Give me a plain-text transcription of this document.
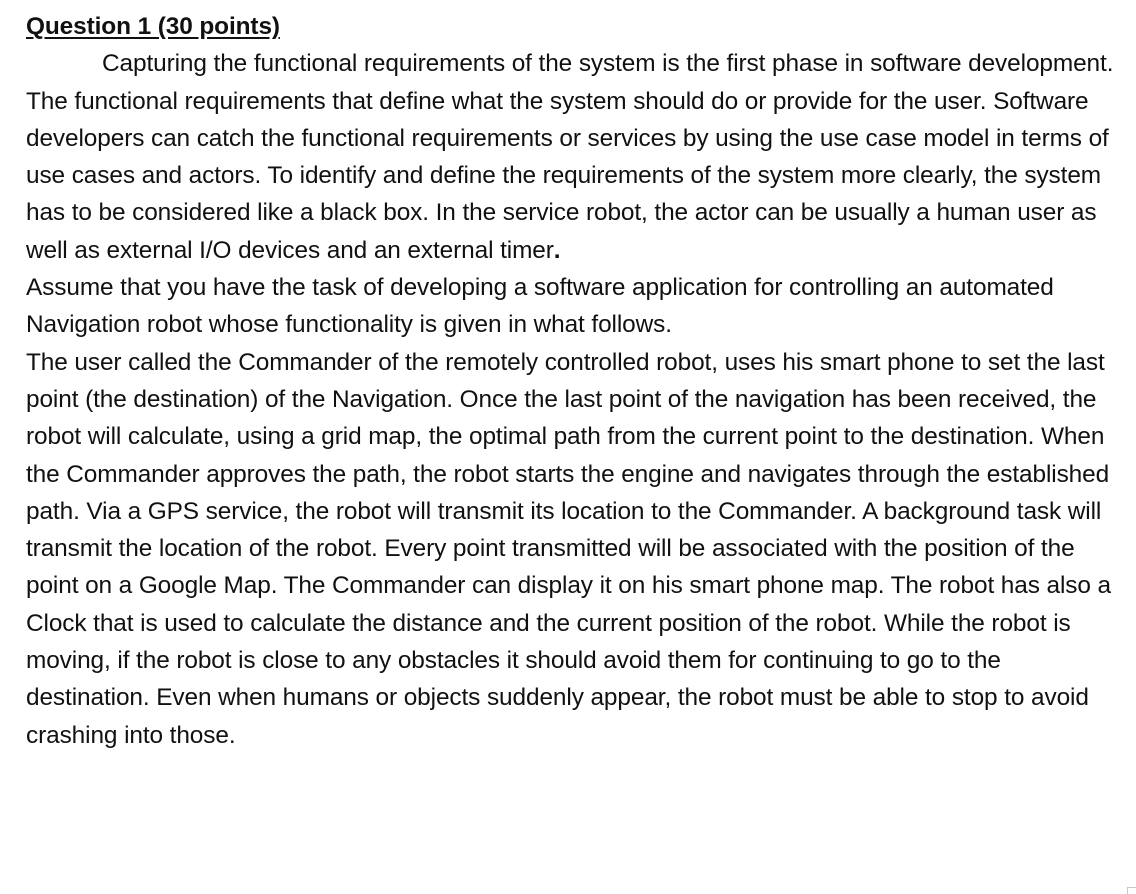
Question 1 (30 points)

Capturing the functional requirements of the system is the first phase in software development. The functional requirements that define what the system should do or provide for the user. Software developers can catch the functional requirements or services by using the use case model in terms of use cases and actors. To identify and define the requirements of the system more clearly, the system has to be considered like a black box. In the service robot, the actor can be usually a human user as well as external I/O devices and an external timer.

Assume that you have the task of developing a software application for controlling an automated Navigation robot whose functionality is given in what follows.

The user called the Commander of the remotely controlled robot, uses his smart phone to set the last point (the destination) of the Navigation. Once the last point of the navigation has been received, the robot will calculate, using a grid map, the optimal path from the current point to the destination. When the Commander approves the path, the robot starts the engine and navigates through the established path. Via a GPS service, the robot will transmit its location to the Commander. A background task will transmit the location of the robot. Every point transmitted will be associated with the position of the point on a Google Map. The Commander can display it on his smart phone map. The robot has also a Clock that is used to calculate the distance and the current position of the robot. While the robot is moving, if the robot is close to any obstacles it should avoid them for continuing to go to the destination. Even when humans or objects suddenly appear, the robot must be able to stop to avoid crashing into those.
